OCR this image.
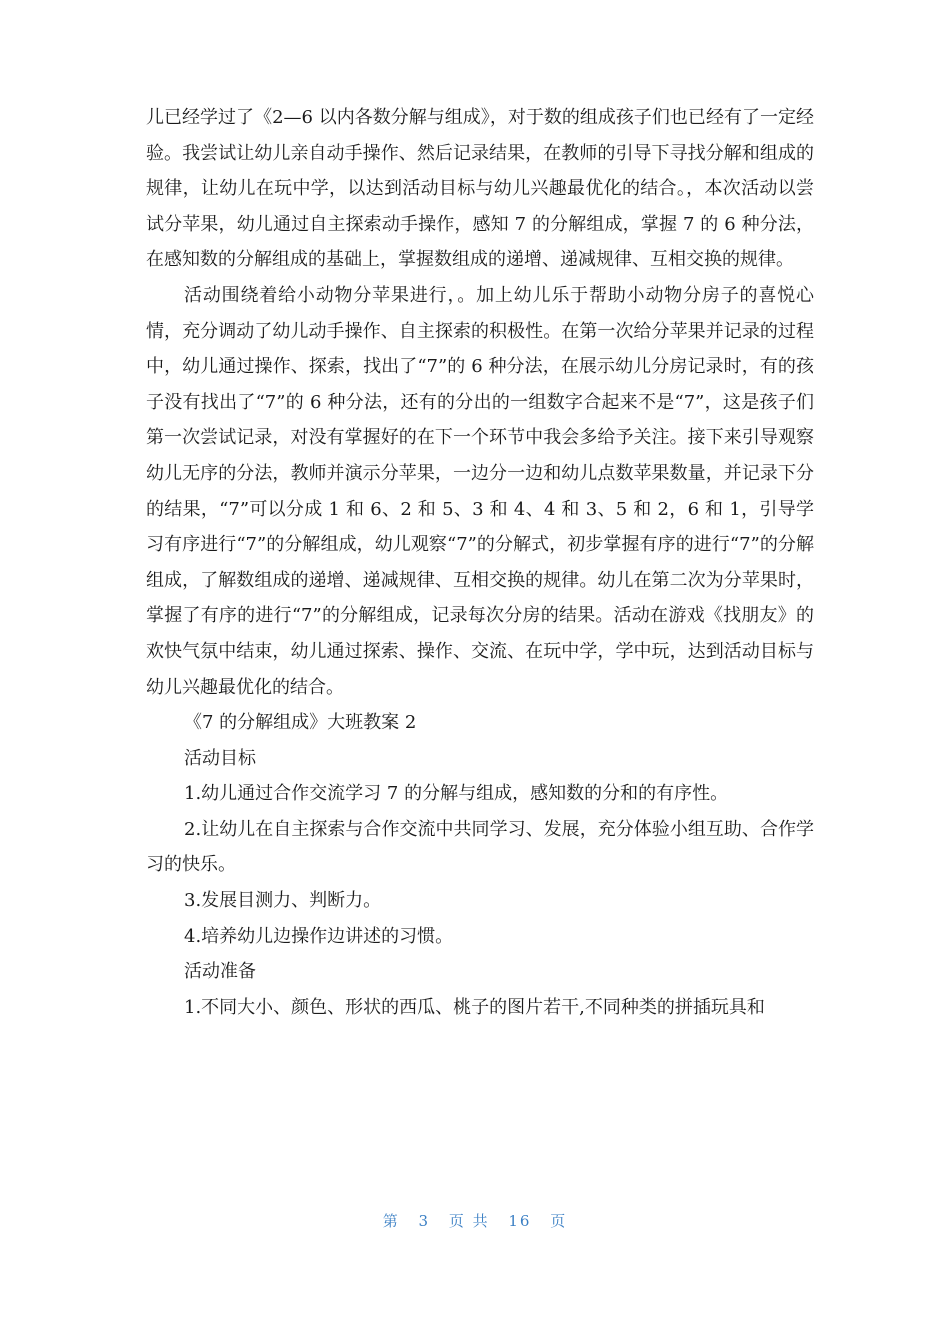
儿已经学过了《2—6 以内各数分解与组成》，对于数的组成孩子们也已经有了一定经验。我尝试让幼儿亲自动手操作、然后记录结果，在教师的引导下寻找分解和组成的规律，让幼儿在玩中学，以达到活动目标与幼儿兴趣最优化的结合。，本次活动以尝试分苹果，幼儿通过自主探索动手操作，感知 7 的分解组成，掌握 7 的 6 种分法，在感知数的分解组成的基础上，掌握数组成的递增、递减规律、互相交换的规律。

活动围绕着给小动物分苹果进行，。加上幼儿乐于帮助小动物分房子的喜悦心情，充分调动了幼儿动手操作、自主探索的积极性。在第一次给分苹果并记录的过程中，幼儿通过操作、探索，找出了“7”的 6 种分法，在展示幼儿分房记录时，有的孩子没有找出了“7”的 6 种分法，还有的分出的一组数字合起来不是“7”，这是孩子们第一次尝试记录，对没有掌握好的在下一个环节中我会多给予关注。接下来引导观察幼儿无序的分法，教师并演示分苹果，一边分一边和幼儿点数苹果数量，并记录下分的结果，“7”可以分成 1 和 6、2 和 5、3 和 4、4 和 3、5 和 2，6 和 1，引导学习有序进行“7”的分解组成，幼儿观察“7”的分解式，初步掌握有序的进行“7”的分解组成，了解数组成的递增、递减规律、互相交换的规律。幼儿在第二次为分苹果时，掌握了有序的进行“7”的分解组成，记录每次分房的结果。活动在游戏《找朋友》的欢快气氛中结束，幼儿通过探索、操作、交流、在玩中学，学中玩，达到活动目标与幼儿兴趣最优化的结合。

《7 的分解组成》大班教案 2

活动目标

1.幼儿通过合作交流学习 7 的分解与组成，感知数的分和的有序性。

2.让幼儿在自主探索与合作交流中共同学习、发展，充分体验小组互助、合作学习的快乐。

3.发展目测力、判断力。

4.培养幼儿边操作边讲述的习惯。

活动准备

1.不同大小、颜色、形状的西瓜、桃子的图片若干,不同种类的拼插玩具和

第 3 页 共 16 页
